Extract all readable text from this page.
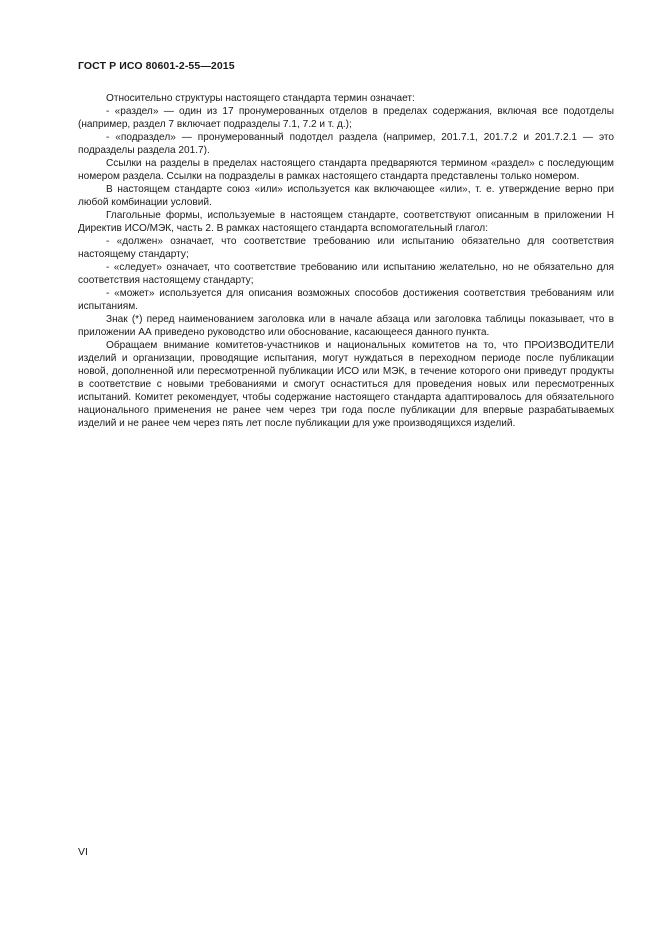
ГОСТ Р ИСО 80601-2-55—2015

Относительно структуры настоящего стандарта термин означает:

- «раздел» — один из 17 пронумерованных отделов в пределах содержания, включая все подотделы (например, раздел 7 включает подразделы 7.1, 7.2 и т. д.);

- «подраздел» — пронумерованный подотдел раздела (например, 201.7.1, 201.7.2 и 201.7.2.1 — это подразделы раздела 201.7).

Ссылки на разделы в пределах настоящего стандарта предваряются термином «раздел» с последующим номером раздела. Ссылки на подразделы в рамках настоящего стандарта представлены только номером.

В настоящем стандарте союз «или» используется как включающее «или», т. е. утверждение верно при любой комбинации условий.

Глагольные формы, используемые в настоящем стандарте, соответствуют описанным в приложении Н Директив ИСО/МЭК, часть 2. В рамках настоящего стандарта вспомогательный глагол:

- «должен» означает, что соответствие требованию или испытанию обязательно для соответствия настоящему стандарту;

- «следует» означает, что соответствие требованию или испытанию желательно, но не обязательно для соответствия настоящему стандарту;

- «может» используется для описания возможных способов достижения соответствия требованиям или испытаниям.

Знак (*) перед наименованием заголовка или в начале абзаца или заголовка таблицы показывает, что в приложении АА приведено руководство или обоснование, касающееся данного пункта.

Обращаем внимание комитетов-участников и национальных комитетов на то, что ПРОИЗВОДИТЕЛИ изделий и организации, проводящие испытания, могут нуждаться в переходном периоде после публикации новой, дополненной или пересмотренной публикации ИСО или МЭК, в течение которого они приведут продукты в соответствие с новыми требованиями и смогут оснаститься для проведения новых или пересмотренных испытаний. Комитет рекомендует, чтобы содержание настоящего стандарта адаптировалось для обязательного национального применения не ранее чем через три года после публикации для впервые разрабатываемых изделий и не ранее чем через пять лет после публикации для уже производящихся изделий.

VI
